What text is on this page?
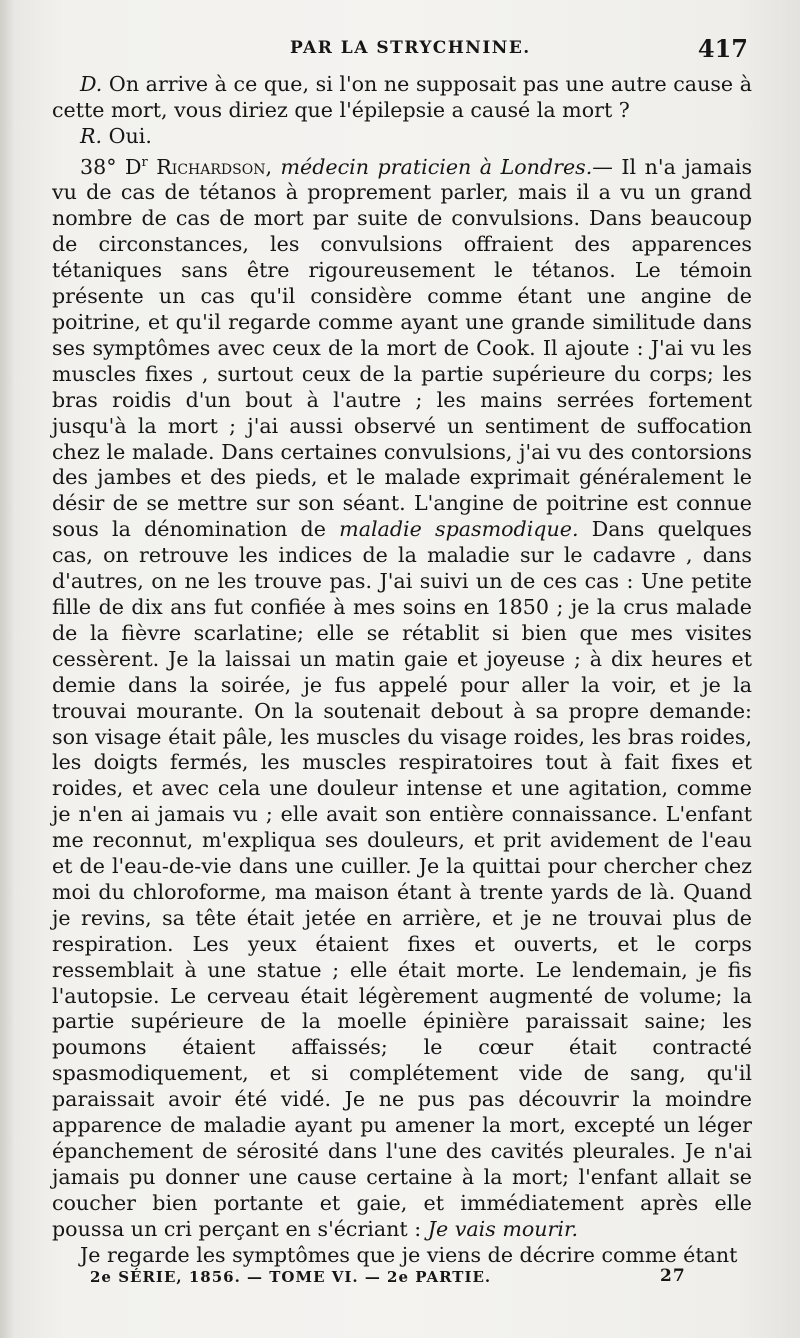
PAR LA STRYCHNINE.	417

D. On arrive à ce que, si l'on ne supposait pas une autre cause à cette mort, vous diriez que l'épilepsie a causé la mort ?

R. Oui.

38° $D^r$ Richardson, médecin praticien à Londres.— Il n'a jamais vu de cas de tétanos à proprement parler, mais il a vu un grand nombre de cas de mort par suite de convulsions. Dans beaucoup de circonstances, les convulsions offraient des apparences tétaniques sans être rigoureusement le tétanos. Le témoin présente un cas qu'il considère comme étant une angine de poitrine, et qu'il regarde comme ayant une grande similitude dans ses symptômes avec ceux de la mort de Cook. Il ajoute : J'ai vu les muscles fixes , surtout ceux de la partie supérieure du corps; les bras roidis d'un bout à l'autre ; les mains serrées fortement jusqu'à la mort ; j'ai aussi observé un sentiment de suffocation chez le malade. Dans certaines convulsions, j'ai vu des contorsions des jambes et des pieds, et le malade exprimait généralement le désir de se mettre sur son séant. L'angine de poitrine est connue sous la dénomination de maladie spasmodique. Dans quelques cas, on retrouve les indices de la maladie sur le cadavre , dans d'autres, on ne les trouve pas. J'ai suivi un de ces cas : Une petite fille de dix ans fut confiée à mes soins en 1850 ; je la crus malade de la fièvre scarlatine; elle se rétablit si bien que mes visites cessèrent. Je la laissai un matin gaie et joyeuse ; à dix heures et demie dans la soirée, je fus appelé pour aller la voir, et je la trouvai mourante. On la soutenait debout à sa propre demande: son visage était pâle, les muscles du visage roides, les bras roides, les doigts fermés, les muscles respiratoires tout à fait fixes et roides, et avec cela une douleur intense et une agitation, comme je n'en ai jamais vu ; elle avait son entière connaissance. L'enfant me reconnut, m'expliqua ses douleurs, et prit avidement de l'eau et de l'eau-de-vie dans une cuiller. Je la quittai pour chercher chez moi du chloroforme, ma maison étant à trente yards de là. Quand je revins, sa tête était jetée en arrière, et je ne trouvai plus de respiration. Les yeux étaient fixes et ouverts, et le corps ressemblait à une statue ; elle était morte. Le lendemain, je fis l'autopsie. Le cerveau était légèrement augmenté de volume; la partie supérieure de la moelle épinière paraissait saine; les poumons étaient affaissés; le cœur était contracté spasmodiquement, et si complétement vide de sang, qu'il paraissait avoir été vidé. Je ne pus pas découvrir la moindre apparence de maladie ayant pu amener la mort, excepté un léger épanchement de sérosité dans l'une des cavités pleurales. Je n'ai jamais pu donner une cause certaine à la mort; l'enfant allait se coucher bien portante et gaie, et immédiatement après elle poussa un cri perçant en s'écriant : Je vais mourir.

Je regarde les symptômes que je viens de décrire comme étant

2e SÉRIE, 1856. — TOME VI. — 2e PARTIE.	27
